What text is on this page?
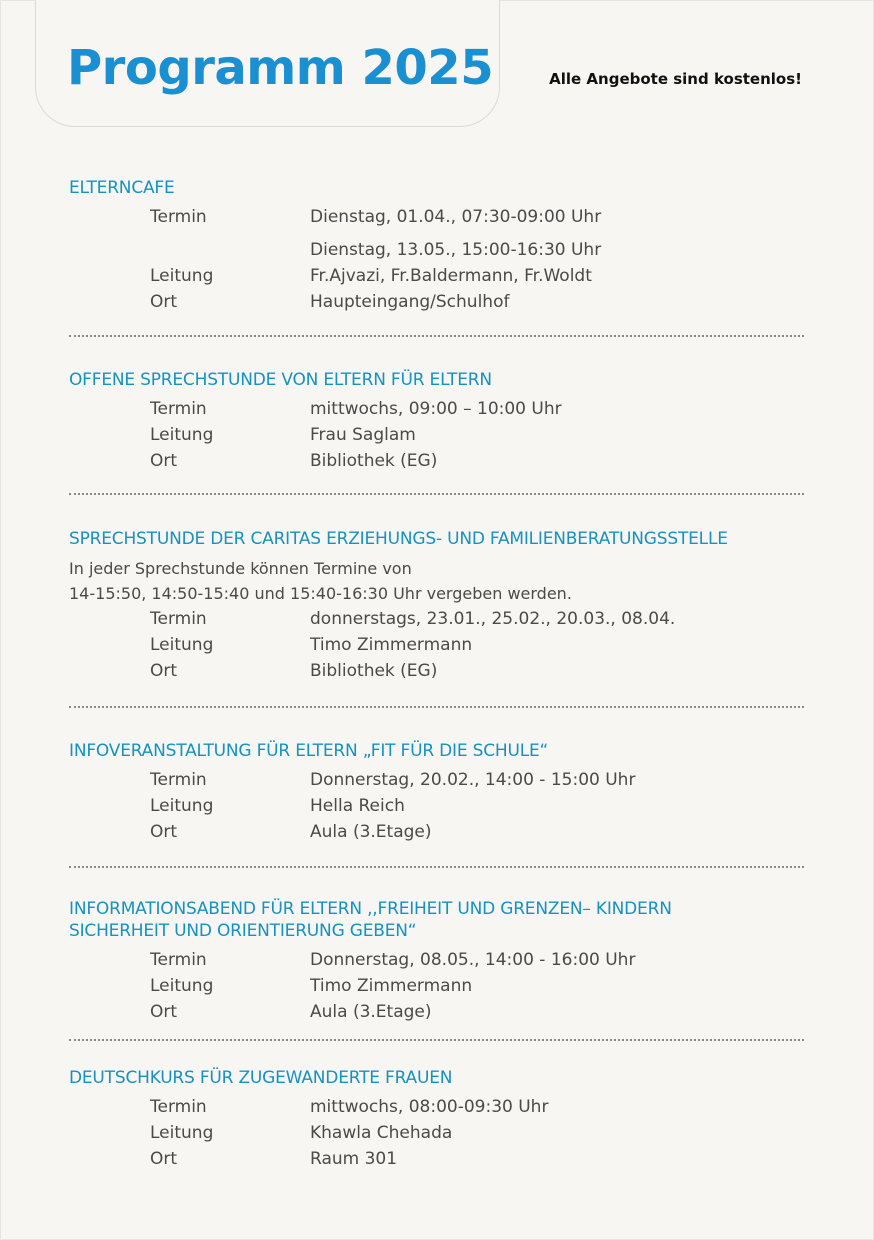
Programm 2025	Alle Angebote sind kostenlos!
ELTERNCAFE
Termin	Dienstag, 01.04., 07:30-09:00 Uhr
Dienstag, 13.05., 15:00-16:30 Uhr
Leitung	Fr.Ajvazi, Fr.Baldermann, Fr.Woldt
Ort	Haupteingang/Schulhof
OFFENE SPRECHSTUNDE VON ELTERN FÜR ELTERN
Termin	mittwochs, 09:00 – 10:00 Uhr
Leitung	Frau Saglam
Ort	Bibliothek (EG)
SPRECHSTUNDE DER CARITAS ERZIEHUNGS- UND FAMILIENBERATUNGSSTELLE
In jeder Sprechstunde können Termine von
14-15:50, 14:50-15:40 und 15:40-16:30 Uhr vergeben werden.
Termin	donnerstags, 23.01., 25.02., 20.03., 08.04.
Leitung	Timo Zimmermann
Ort	Bibliothek (EG)
INFOVERANSTALTUNG FÜR ELTERN „FIT FÜR DIE SCHULE“
Termin	Donnerstag, 20.02., 14:00 - 15:00 Uhr
Leitung	Hella Reich
Ort	Aula (3.Etage)
INFORMATIONSABEND FÜR ELTERN ,,FREIHEIT UND GRENZEN– KINDERN
SICHERHEIT UND ORIENTIERUNG GEBEN“
Termin	Donnerstag, 08.05., 14:00 - 16:00 Uhr
Leitung	Timo Zimmermann
Ort	Aula (3.Etage)
DEUTSCHKURS FÜR ZUGEWANDERTE FRAUEN
Termin	mittwochs, 08:00-09:30 Uhr
Leitung	Khawla Chehada
Ort	Raum 301
